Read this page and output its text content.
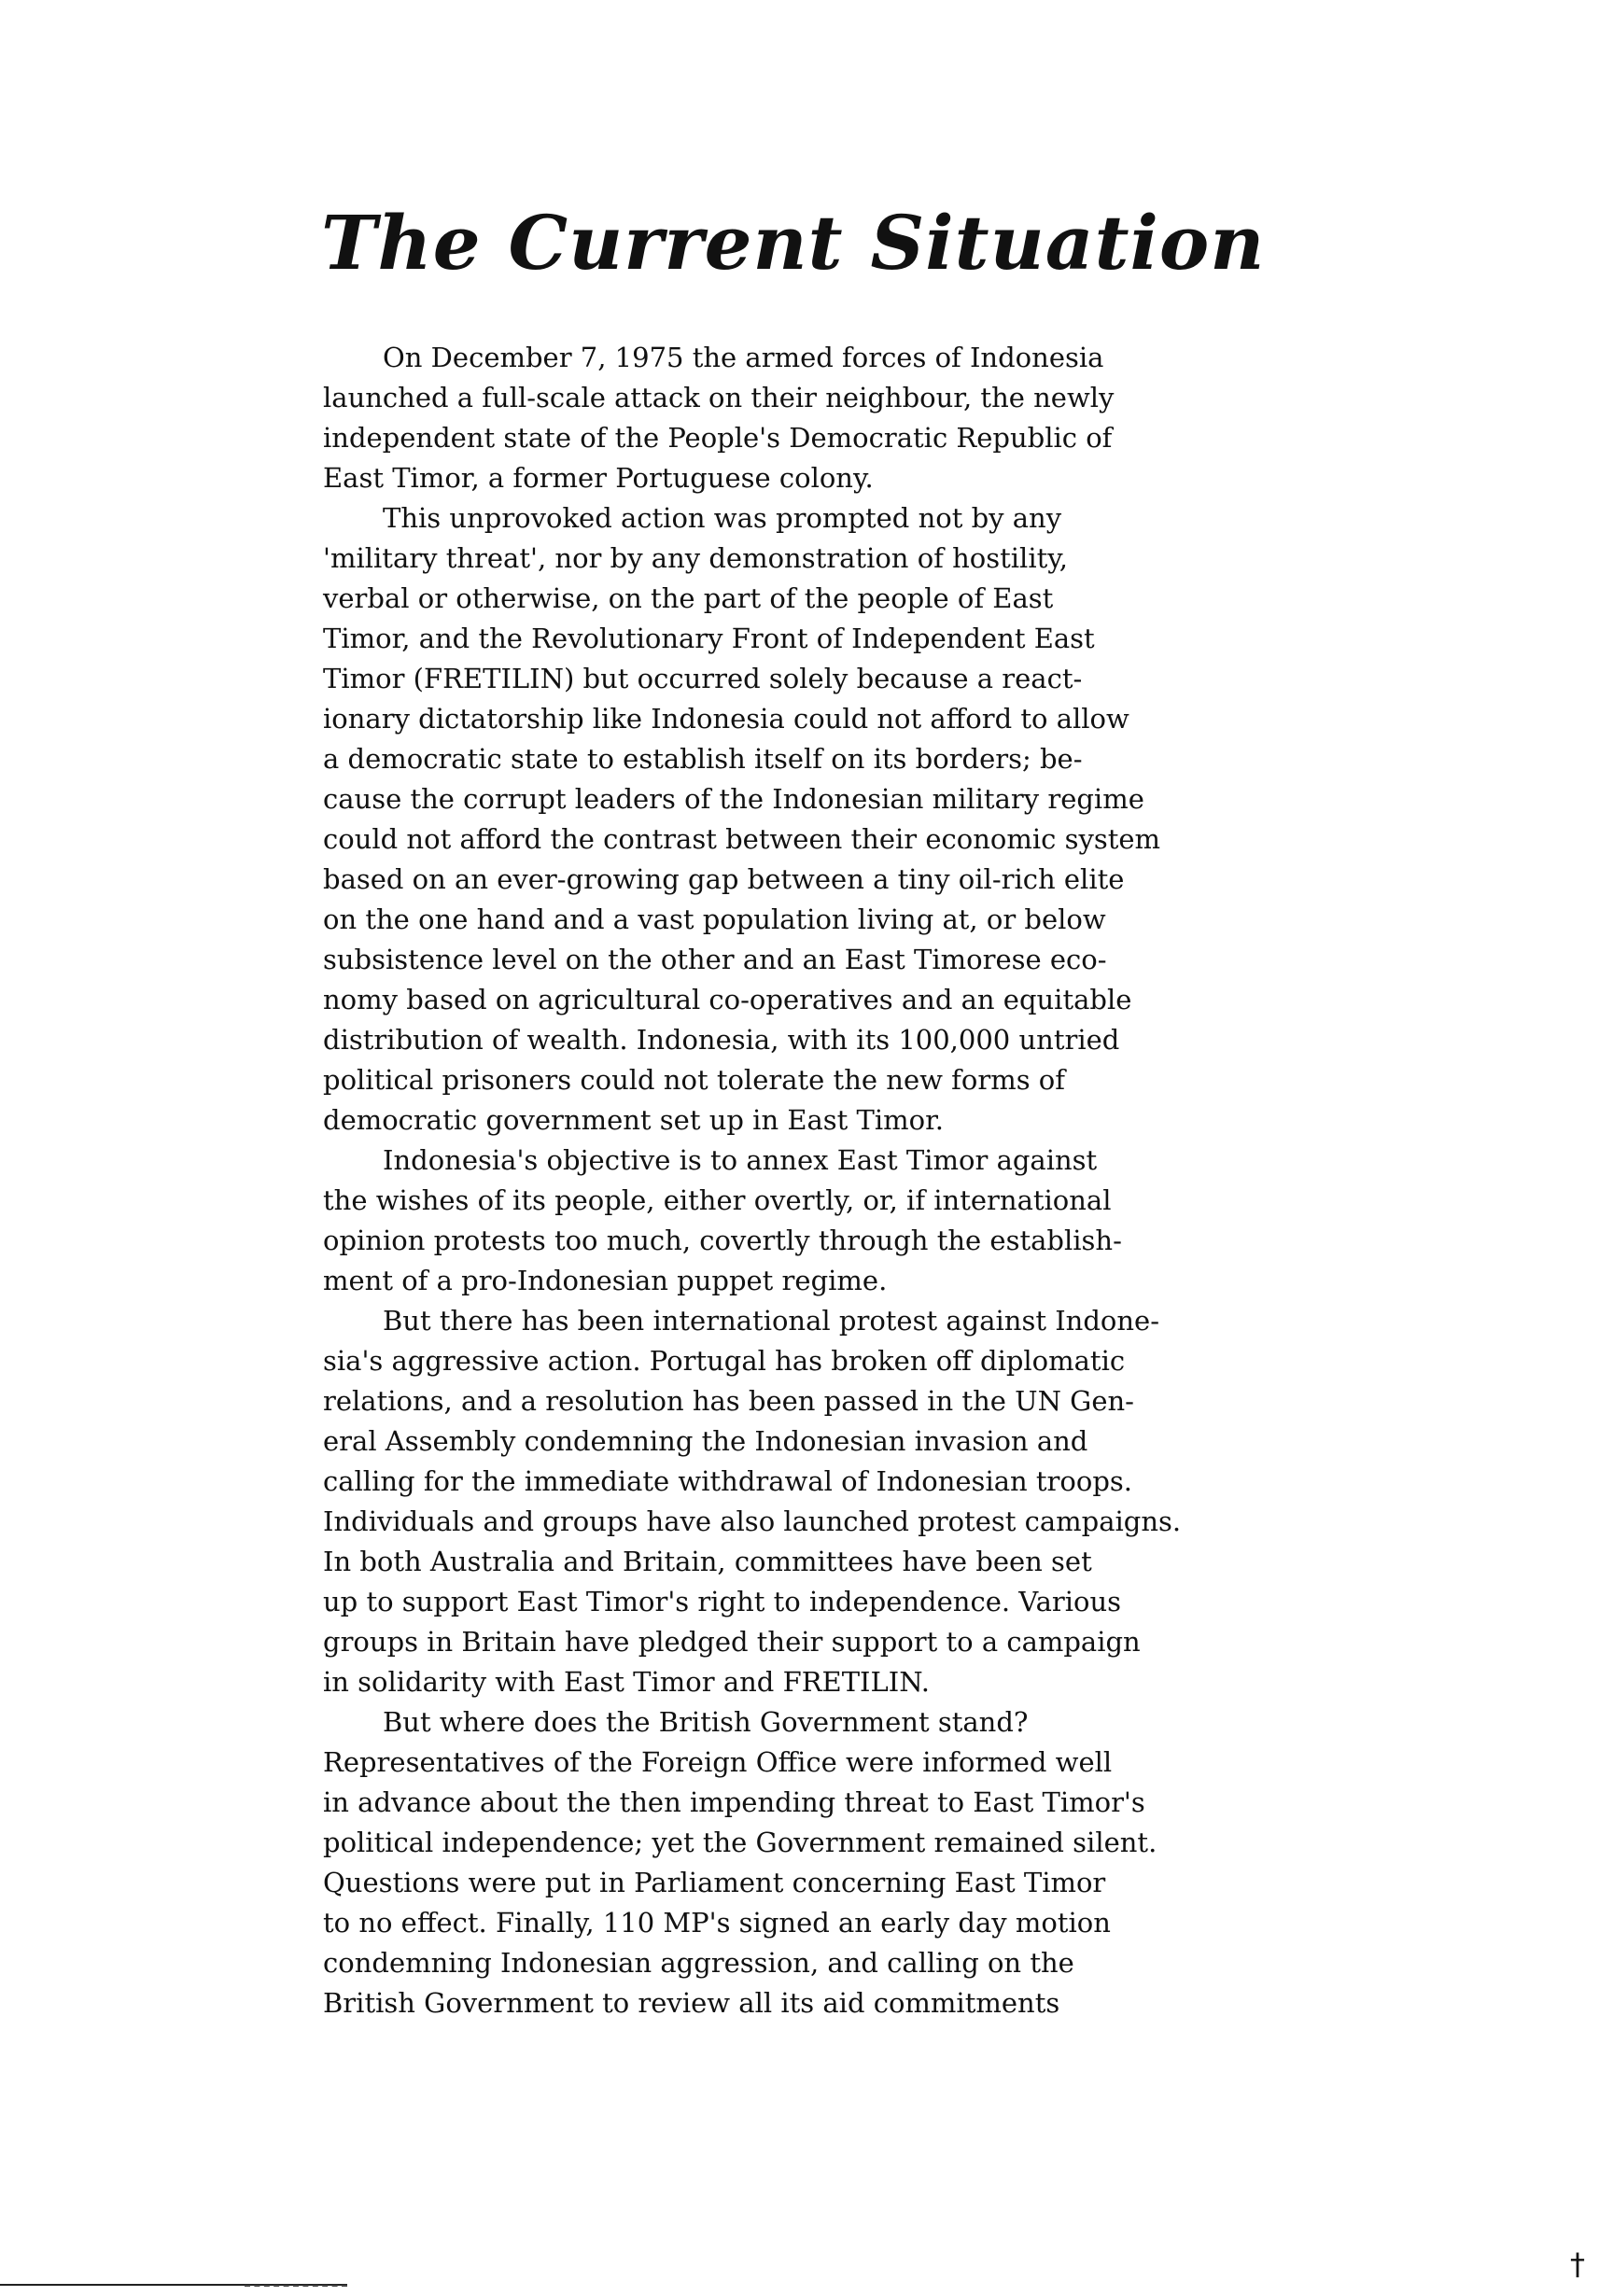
The Current Situation
On December 7, 1975 the armed forces of Indonesia
launched a full-scale attack on their neighbour, the newly
independent state of the People's Democratic Republic of
East Timor, a former Portuguese colony.
This unprovoked action was prompted not by any
'military threat', nor by any demonstration of hostility,
verbal or otherwise, on the part of the people of East
Timor, and the Revolutionary Front of Independent East
Timor (FRETILIN) but occurred solely because a react-
ionary dictatorship like Indonesia could not afford to allow
a democratic state to establish itself on its borders; be-
cause the corrupt leaders of the Indonesian military regime
could not afford the contrast between their economic system
based on an ever-growing gap between a tiny oil-rich elite
on the one hand and a vast population living at, or below
subsistence level on the other and an East Timorese eco-
nomy based on agricultural co-operatives and an equitable
distribution of wealth. Indonesia, with its 100,000 untried
political prisoners could not tolerate the new forms of
democratic government set up in East Timor.
Indonesia's objective is to annex East Timor against
the wishes of its people, either overtly, or, if international
opinion protests too much, covertly through the establish-
ment of a pro-Indonesian puppet regime.
But there has been international protest against Indone-
sia's aggressive action. Portugal has broken off diplomatic
relations, and a resolution has been passed in the UN Gen-
eral Assembly condemning the Indonesian invasion and
calling for the immediate withdrawal of Indonesian troops.
Individuals and groups have also launched protest campaigns.
In both Australia and Britain, committees have been set
up to support East Timor's right to independence. Various
groups in Britain have pledged their support to a campaign
in solidarity with East Timor and FRETILIN.
But where does the British Government stand?
Representatives of the Foreign Office were informed well
in advance about the then impending threat to East Timor's
political independence; yet the Government remained silent.
Questions were put in Parliament concerning East Timor
to no effect. Finally, 110 MP's signed an early day motion
condemning Indonesian aggression, and calling on the
British Government to review all its aid commitments
†
